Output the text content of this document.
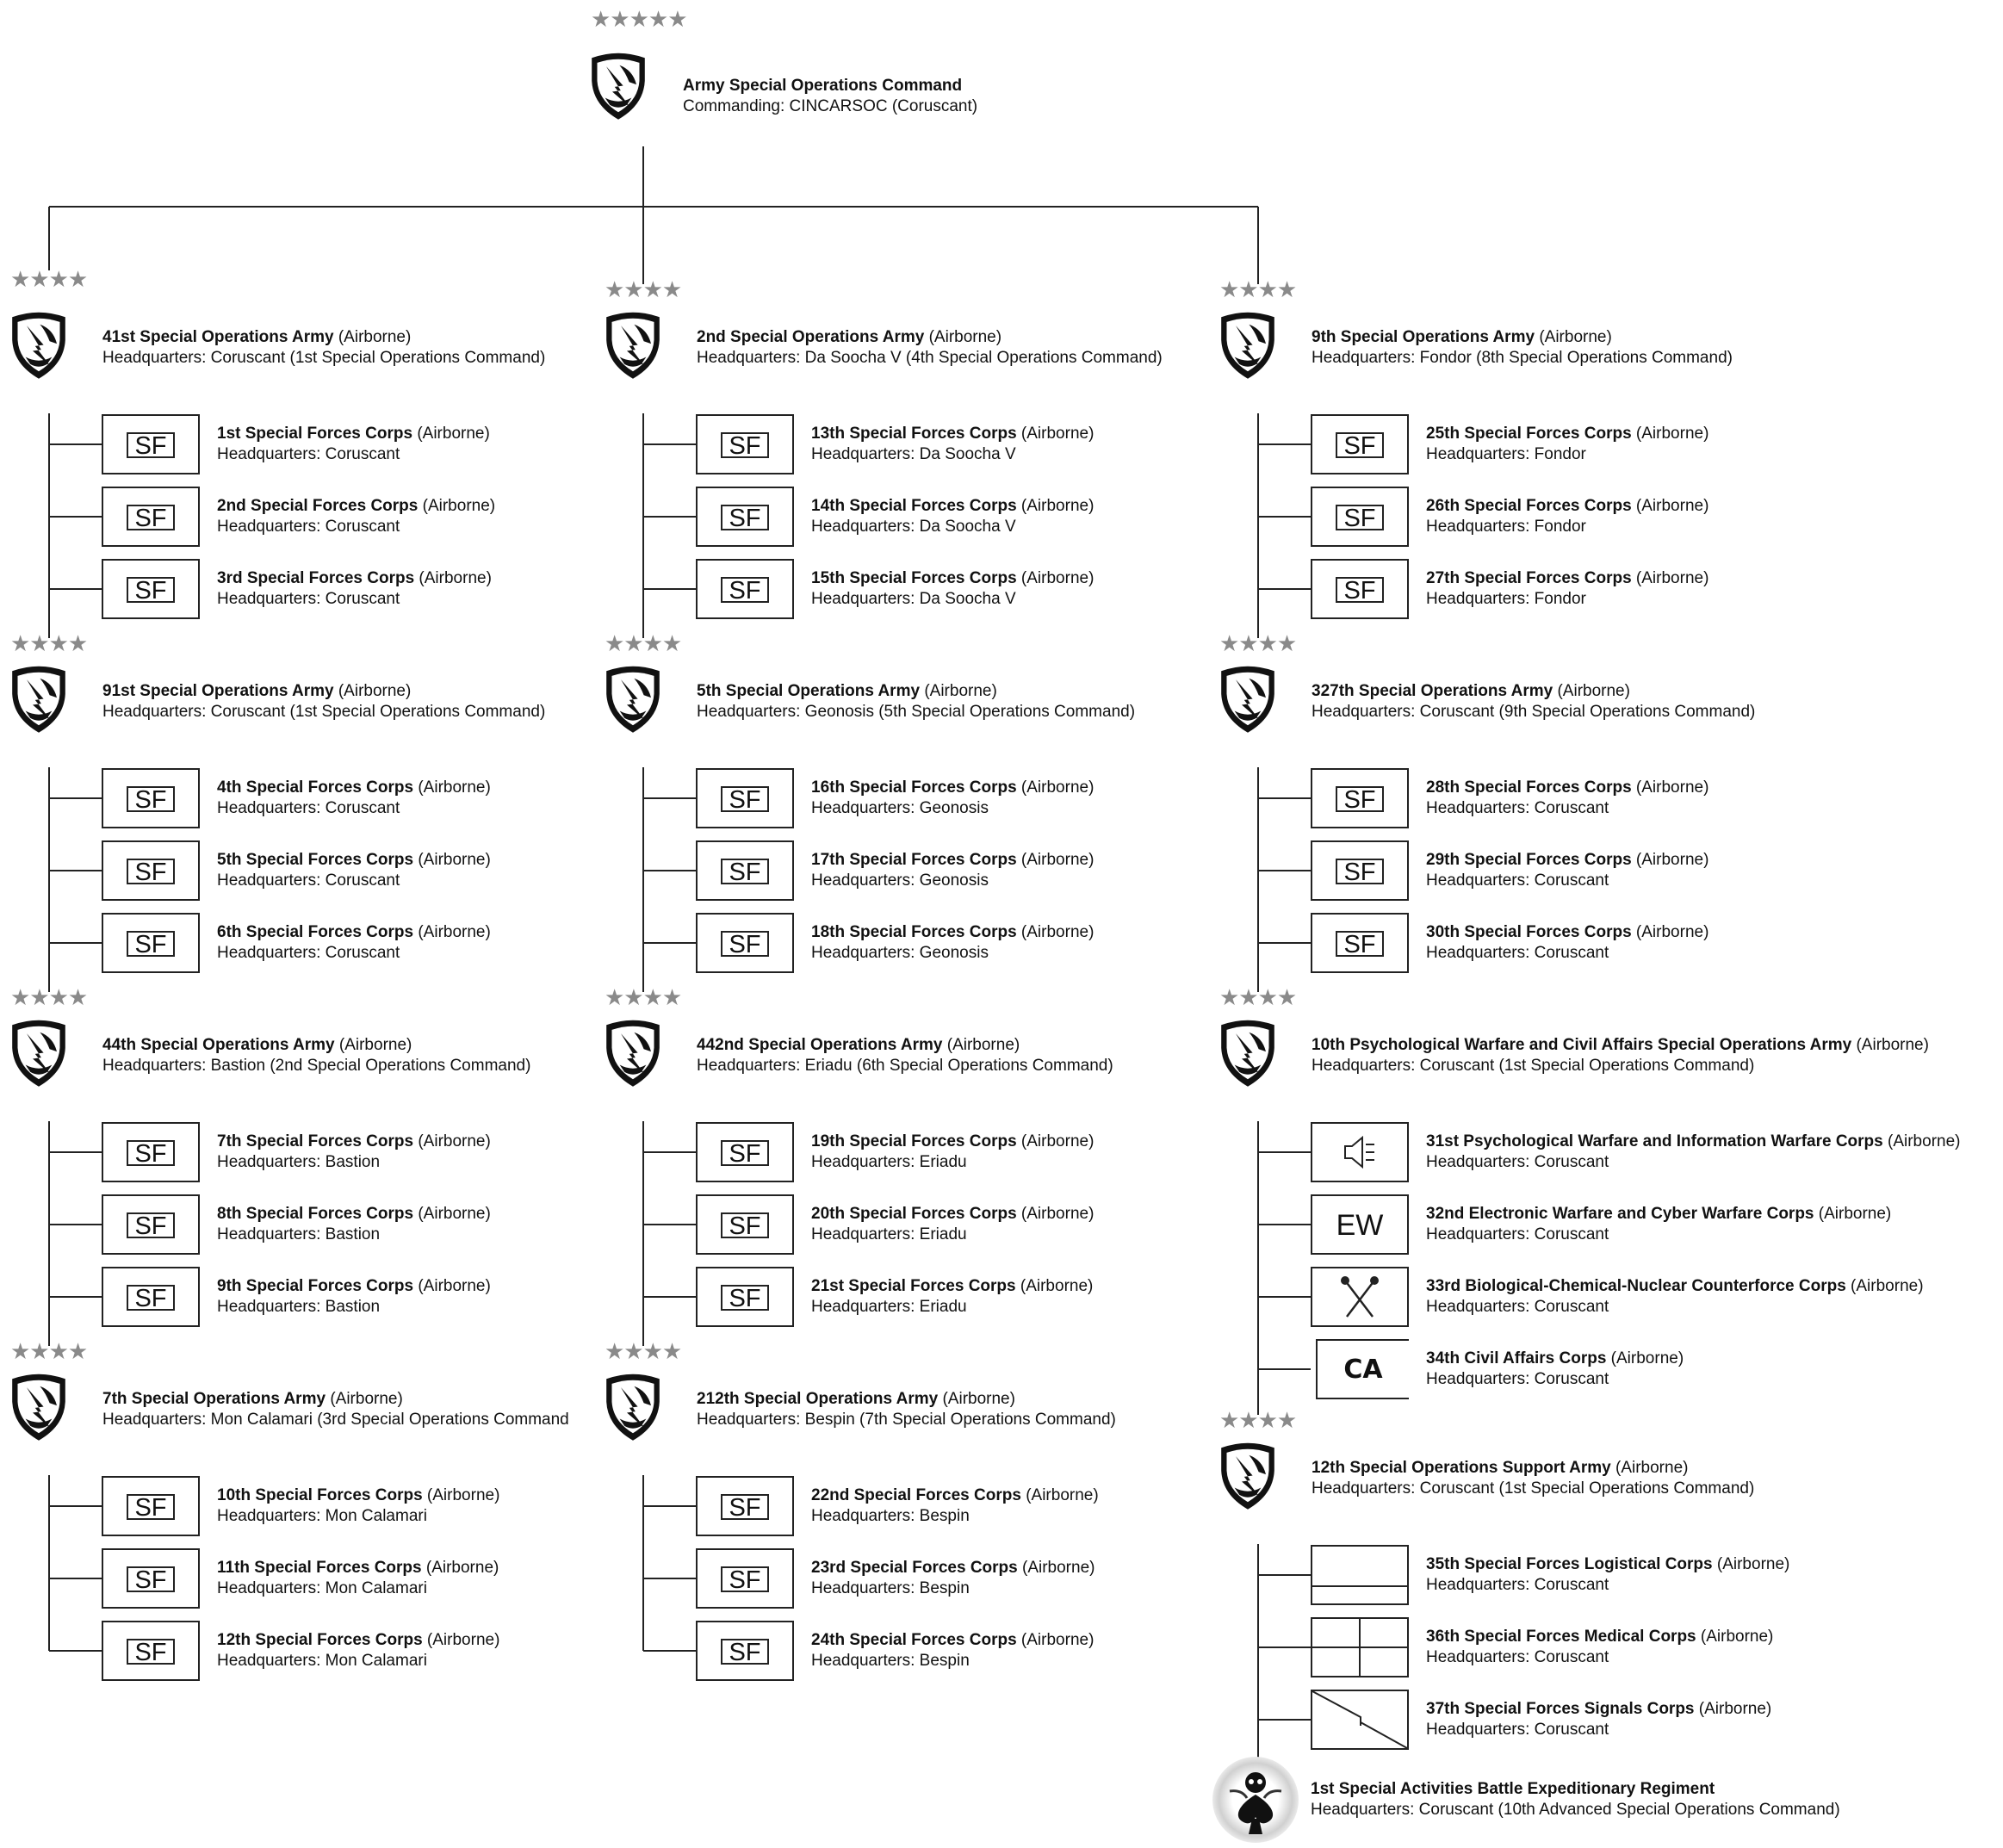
★★★★★
Army Special Operations Command
Commanding: CINCARSOC (Coruscant)
★★★★
41st Special Operations Army (Airborne)
Headquarters: Coruscant (1st Special Operations Command)
SF	1st Special Forces Corps (Airborne)
Headquarters: Coruscant
SF	2nd Special Forces Corps (Airborne)
Headquarters: Coruscant
SF	3rd Special Forces Corps (Airborne)
Headquarters: Coruscant
★★★★
91st Special Operations Army (Airborne)
Headquarters: Coruscant (1st Special Operations Command)
SF	4th Special Forces Corps (Airborne)
Headquarters: Coruscant
SF	5th Special Forces Corps (Airborne)
Headquarters: Coruscant
SF	6th Special Forces Corps (Airborne)
Headquarters: Coruscant
★★★★
44th Special Operations Army (Airborne)
Headquarters: Bastion (2nd Special Operations Command)
SF	7th Special Forces Corps (Airborne)
Headquarters: Bastion
SF	8th Special Forces Corps (Airborne)
Headquarters: Bastion
SF	9th Special Forces Corps (Airborne)
Headquarters: Bastion
★★★★
7th Special Operations Army (Airborne)
Headquarters: Mon Calamari (3rd Special Operations Command
SF	10th Special Forces Corps (Airborne)
Headquarters: Mon Calamari
SF	11th Special Forces Corps (Airborne)
Headquarters: Mon Calamari
SF	12th Special Forces Corps (Airborne)
Headquarters: Mon Calamari
★★★★
2nd Special Operations Army (Airborne)
Headquarters: Da Soocha V (4th Special Operations Command)
SF	13th Special Forces Corps (Airborne)
Headquarters: Da Soocha V
SF	14th Special Forces Corps (Airborne)
Headquarters: Da Soocha V
SF	15th Special Forces Corps (Airborne)
Headquarters: Da Soocha V
★★★★
5th Special Operations Army (Airborne)
Headquarters: Geonosis (5th Special Operations Command)
SF	16th Special Forces Corps (Airborne)
Headquarters: Geonosis
SF	17th Special Forces Corps (Airborne)
Headquarters: Geonosis
SF	18th Special Forces Corps (Airborne)
Headquarters: Geonosis
★★★★
442nd Special Operations Army (Airborne)
Headquarters: Eriadu (6th Special Operations Command)
SF	19th Special Forces Corps (Airborne)
Headquarters: Eriadu
SF	20th Special Forces Corps (Airborne)
Headquarters: Eriadu
SF	21st Special Forces Corps (Airborne)
Headquarters: Eriadu
★★★★
212th Special Operations Army (Airborne)
Headquarters: Bespin (7th Special Operations Command)
SF	22nd Special Forces Corps (Airborne)
Headquarters: Bespin
SF	23rd Special Forces Corps (Airborne)
Headquarters: Bespin
SF	24th Special Forces Corps (Airborne)
Headquarters: Bespin
★★★★
9th Special Operations Army (Airborne)
Headquarters: Fondor (8th Special Operations Command)
SF	25th Special Forces Corps (Airborne)
Headquarters: Fondor
SF	26th Special Forces Corps (Airborne)
Headquarters: Fondor
SF	27th Special Forces Corps (Airborne)
Headquarters: Fondor
★★★★
327th Special Operations Army (Airborne)
Headquarters: Coruscant (9th Special Operations Command)
SF	28th Special Forces Corps (Airborne)
Headquarters: Coruscant
SF	29th Special Forces Corps (Airborne)
Headquarters: Coruscant
SF	30th Special Forces Corps (Airborne)
Headquarters: Coruscant
★★★★
10th Psychological Warfare and Civil Affairs Special Operations Army (Airborne)
Headquarters: Coruscant (1st Special Operations Command)
31st Psychological Warfare and Information Warfare Corps (Airborne)
Headquarters: Coruscant
EW	32nd Electronic Warfare and Cyber Warfare Corps (Airborne)
Headquarters: Coruscant
33rd Biological-Chemical-Nuclear Counterforce Corps (Airborne)
Headquarters: Coruscant
CA	34th Civil Affairs Corps (Airborne)
Headquarters: Coruscant
★★★★
12th Special Operations Support Army (Airborne)
Headquarters: Coruscant (1st Special Operations Command)
35th Special Forces Logistical Corps (Airborne)
Headquarters: Coruscant
36th Special Forces Medical Corps (Airborne)
Headquarters: Coruscant
37th Special Forces Signals Corps (Airborne)
Headquarters: Coruscant
1st Special Activities Battle Expeditionary Regiment
Headquarters: Coruscant (10th Advanced Special Operations Command)
